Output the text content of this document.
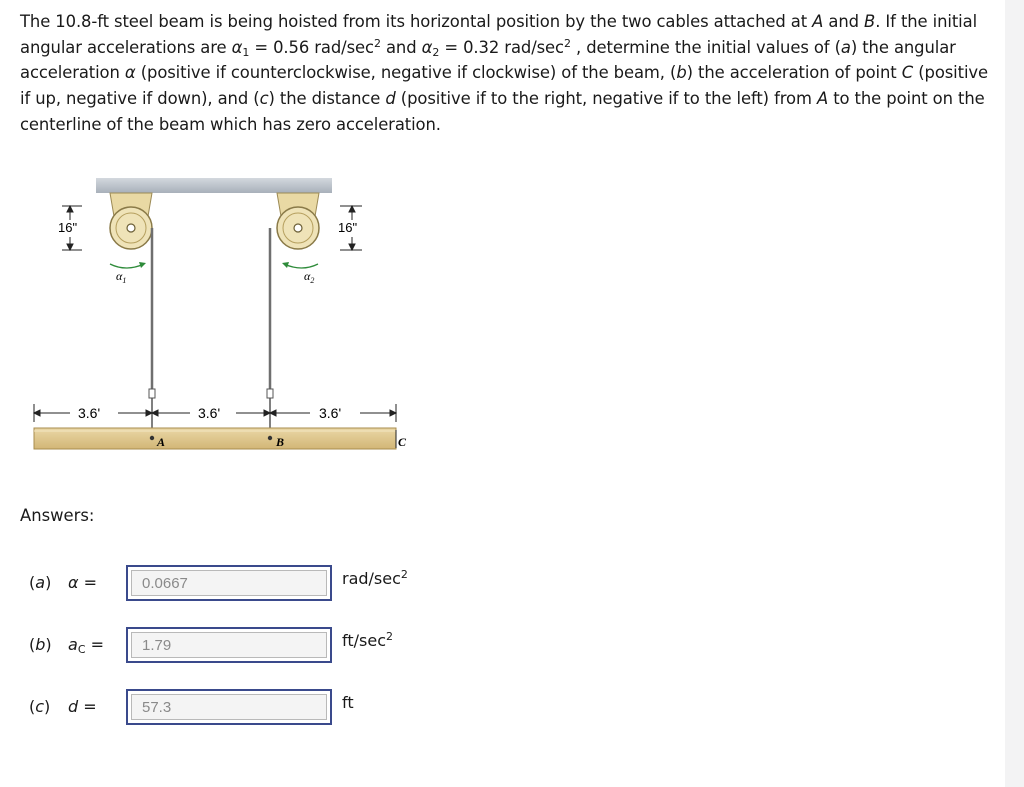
The 10.8-ft steel beam is being hoisted from its horizontal position by the two cables attached at A and B. If the initial angular accelerations are $\alpha_1 = 0.56$ rad/$\sec^2$ and $\alpha_2 = 0.32$ rad/$\sec^2$ , determine the initial values of (a) the angular acceleration α (positive if counterclockwise, negative if clockwise) of the beam, (b) the acceleration of point C (positive if up, negative if down), and (c) the distance d (positive if to the right, negative if to the left) from A to the point on the centerline of the beam which has zero acceleration.
$\alpha_1$	$\alpha_2$
16"	16"
3.6'	3.6'	3.6'
A	B	C
Answers:
(a) α =
0.0667	rad/$\sec^2$
(b) $a_C$ =
1.79	$ft/\sec^2$
(c) d =
57.3	ft
